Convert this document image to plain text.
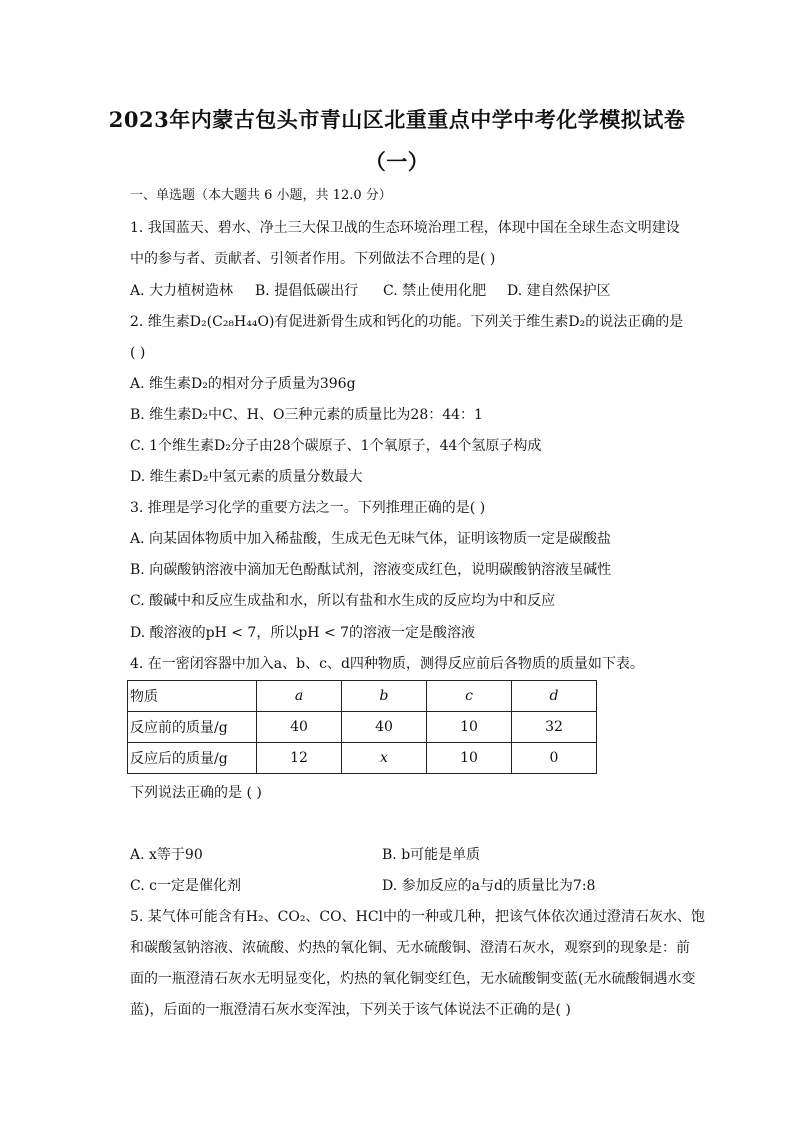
2023年内蒙古包头市青山区北重重点中学中考化学模拟试卷
（一）
一、单选题（本大题共 6 小题，共 12.0 分）
1. 我国蓝天、碧水、净土三大保卫战的生态环境治理工程，体现中国在全球生态文明建设
中的参与者、贡献者、引领者作用。下列做法不合理的是( )
A. 大力植树造林 B. 提倡低碳出行 C. 禁止使用化肥 D. 建自然保护区
2. 维生素D₂(C₂₈H₄₄O)有促进新骨生成和钙化的功能。下列关于维生素D₂的说法正确的是
( )
A. 维生素D₂的相对分子质量为396g
B. 维生素D₂中C、H、O三种元素的质量比为28：44：1
C. 1个维生素D₂分子由28个碳原子、1个氧原子，44个氢原子构成
D. 维生素D₂中氢元素的质量分数最大
3. 推理是学习化学的重要方法之一。下列推理正确的是( )
A. 向某固体物质中加入稀盐酸，生成无色无味气体，证明该物质一定是碳酸盐
B. 向碳酸钠溶液中滴加无色酚酞试剂，溶液变成红色，说明碳酸钠溶液呈碱性
C. 酸碱中和反应生成盐和水，所以有盐和水生成的反应均为中和反应
D. 酸溶液的pH < 7，所以pH < 7的溶液一定是酸溶液
4. 在一密闭容器中加入a、b、c、d四种物质，测得反应前后各物质的质量如下表。
物质	a	b	c	d
反应前的质量/g	40	40	10	32
反应后的质量/g	12	x	10	0
下列说法正确的是 ( )
A. x等于90	B. b可能是单质
C. c一定是催化剂	D. 参加反应的a与d的质量比为7:8
5. 某气体可能含有H₂、CO₂、CO、HCl中的一种或几种，把该气体依次通过澄清石灰水、饱
和碳酸氢钠溶液、浓硫酸、灼热的氧化铜、无水硫酸铜、澄清石灰水，观察到的现象是：前
面的一瓶澄清石灰水无明显变化，灼热的氧化铜变红色，无水硫酸铜变蓝(无水硫酸铜遇水变
蓝)，后面的一瓶澄清石灰水变浑浊，下列关于该气体说法不正确的是( )
